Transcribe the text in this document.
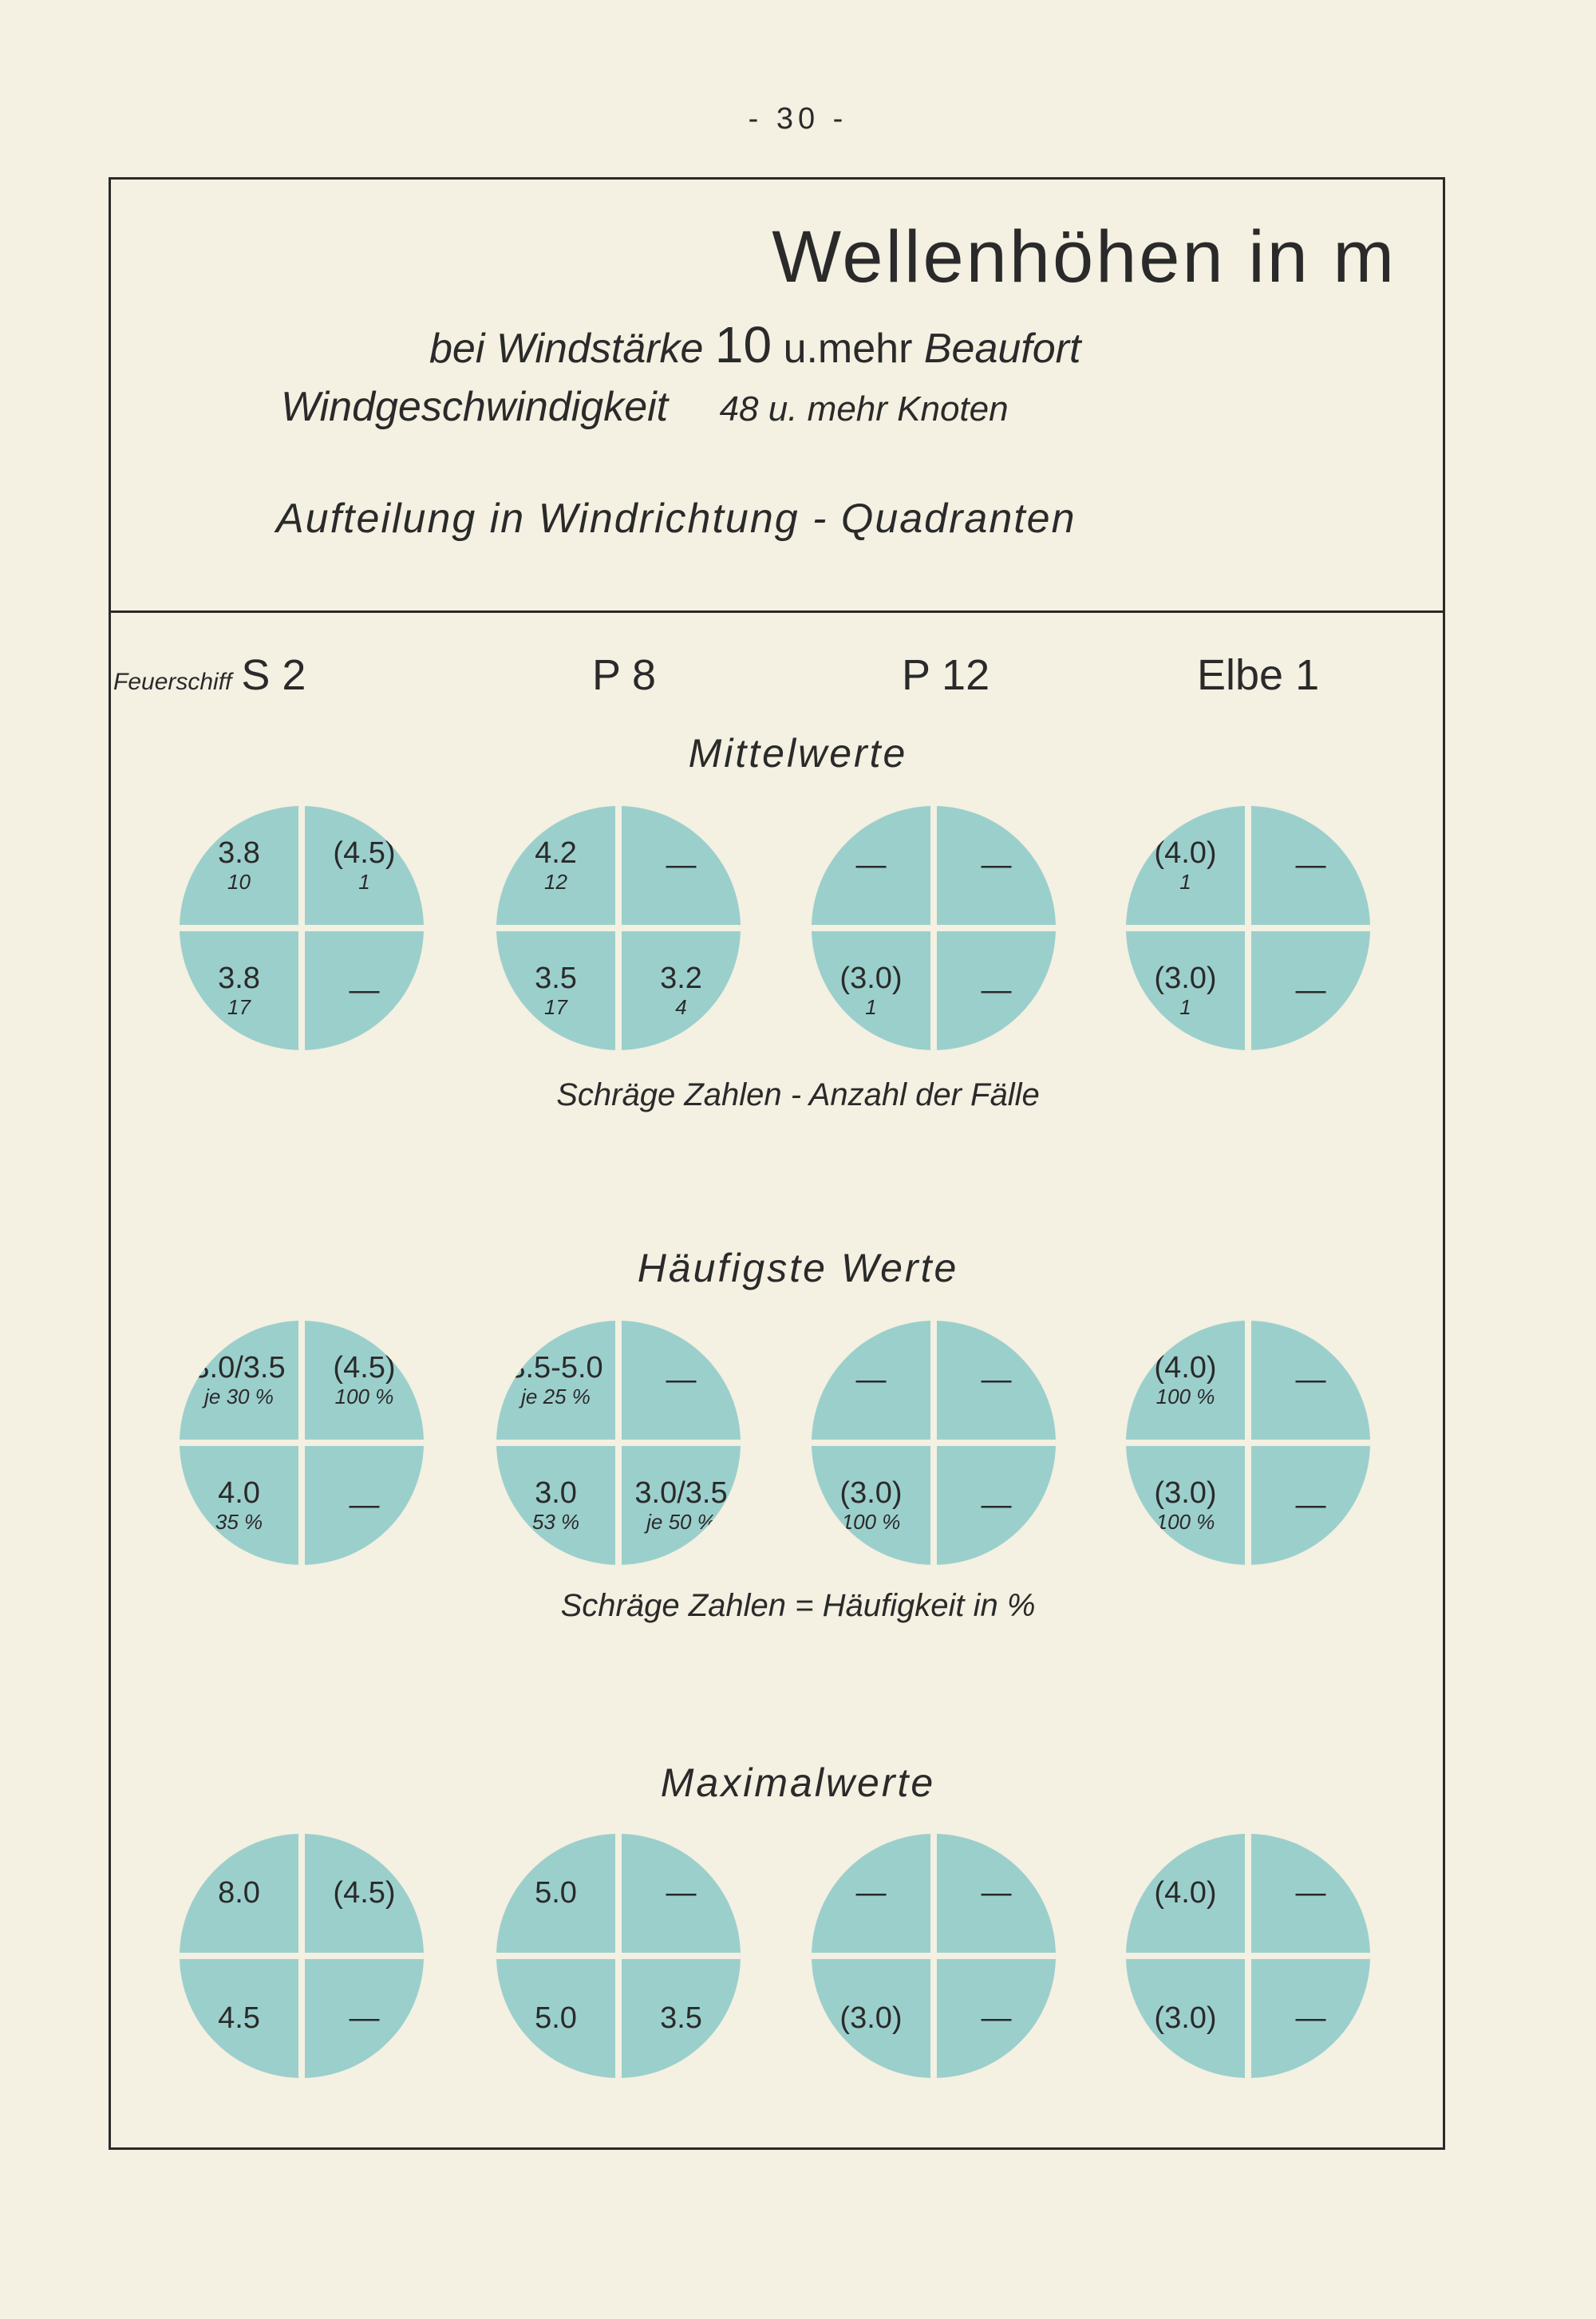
- 30 -
Wellenhöhen in m
bei Windstärke 10 u.mehr Beaufort
Windgeschwindigkeit 48 u. mehr Knoten
Aufteilung in Windrichtung - Quadranten
Feuerschiff S 2	P 8	P 12	Elbe 1
Mittelwerte
Häufigste Werte
Maximalwerte
Schräge Zahlen - Anzahl der Fälle
Schräge Zahlen = Häufigkeit in %
3.8
10
(4.5)
1
3.8
17
—
4.2
12
—
3.5
17
3.2
4
—	—
(3.0)
1
—
(4.0)
1
—
(3.0)
1
—
3.0/3.5
je 30 %
(4.5)
100 %
4.0
35 %
—
3.5-5.0
je 25 %
—
3.0
53 %
3.0/3.5
je 50 %
—	—
(3.0)
100 %
—
(4.0)
100 %
—
(3.0)
100 %
—
8.0 (4.5)
4.5	—
5.0	—
5.0	3.5
—	—
(3.0)	—
(4.0)	—
(3.0)	—
